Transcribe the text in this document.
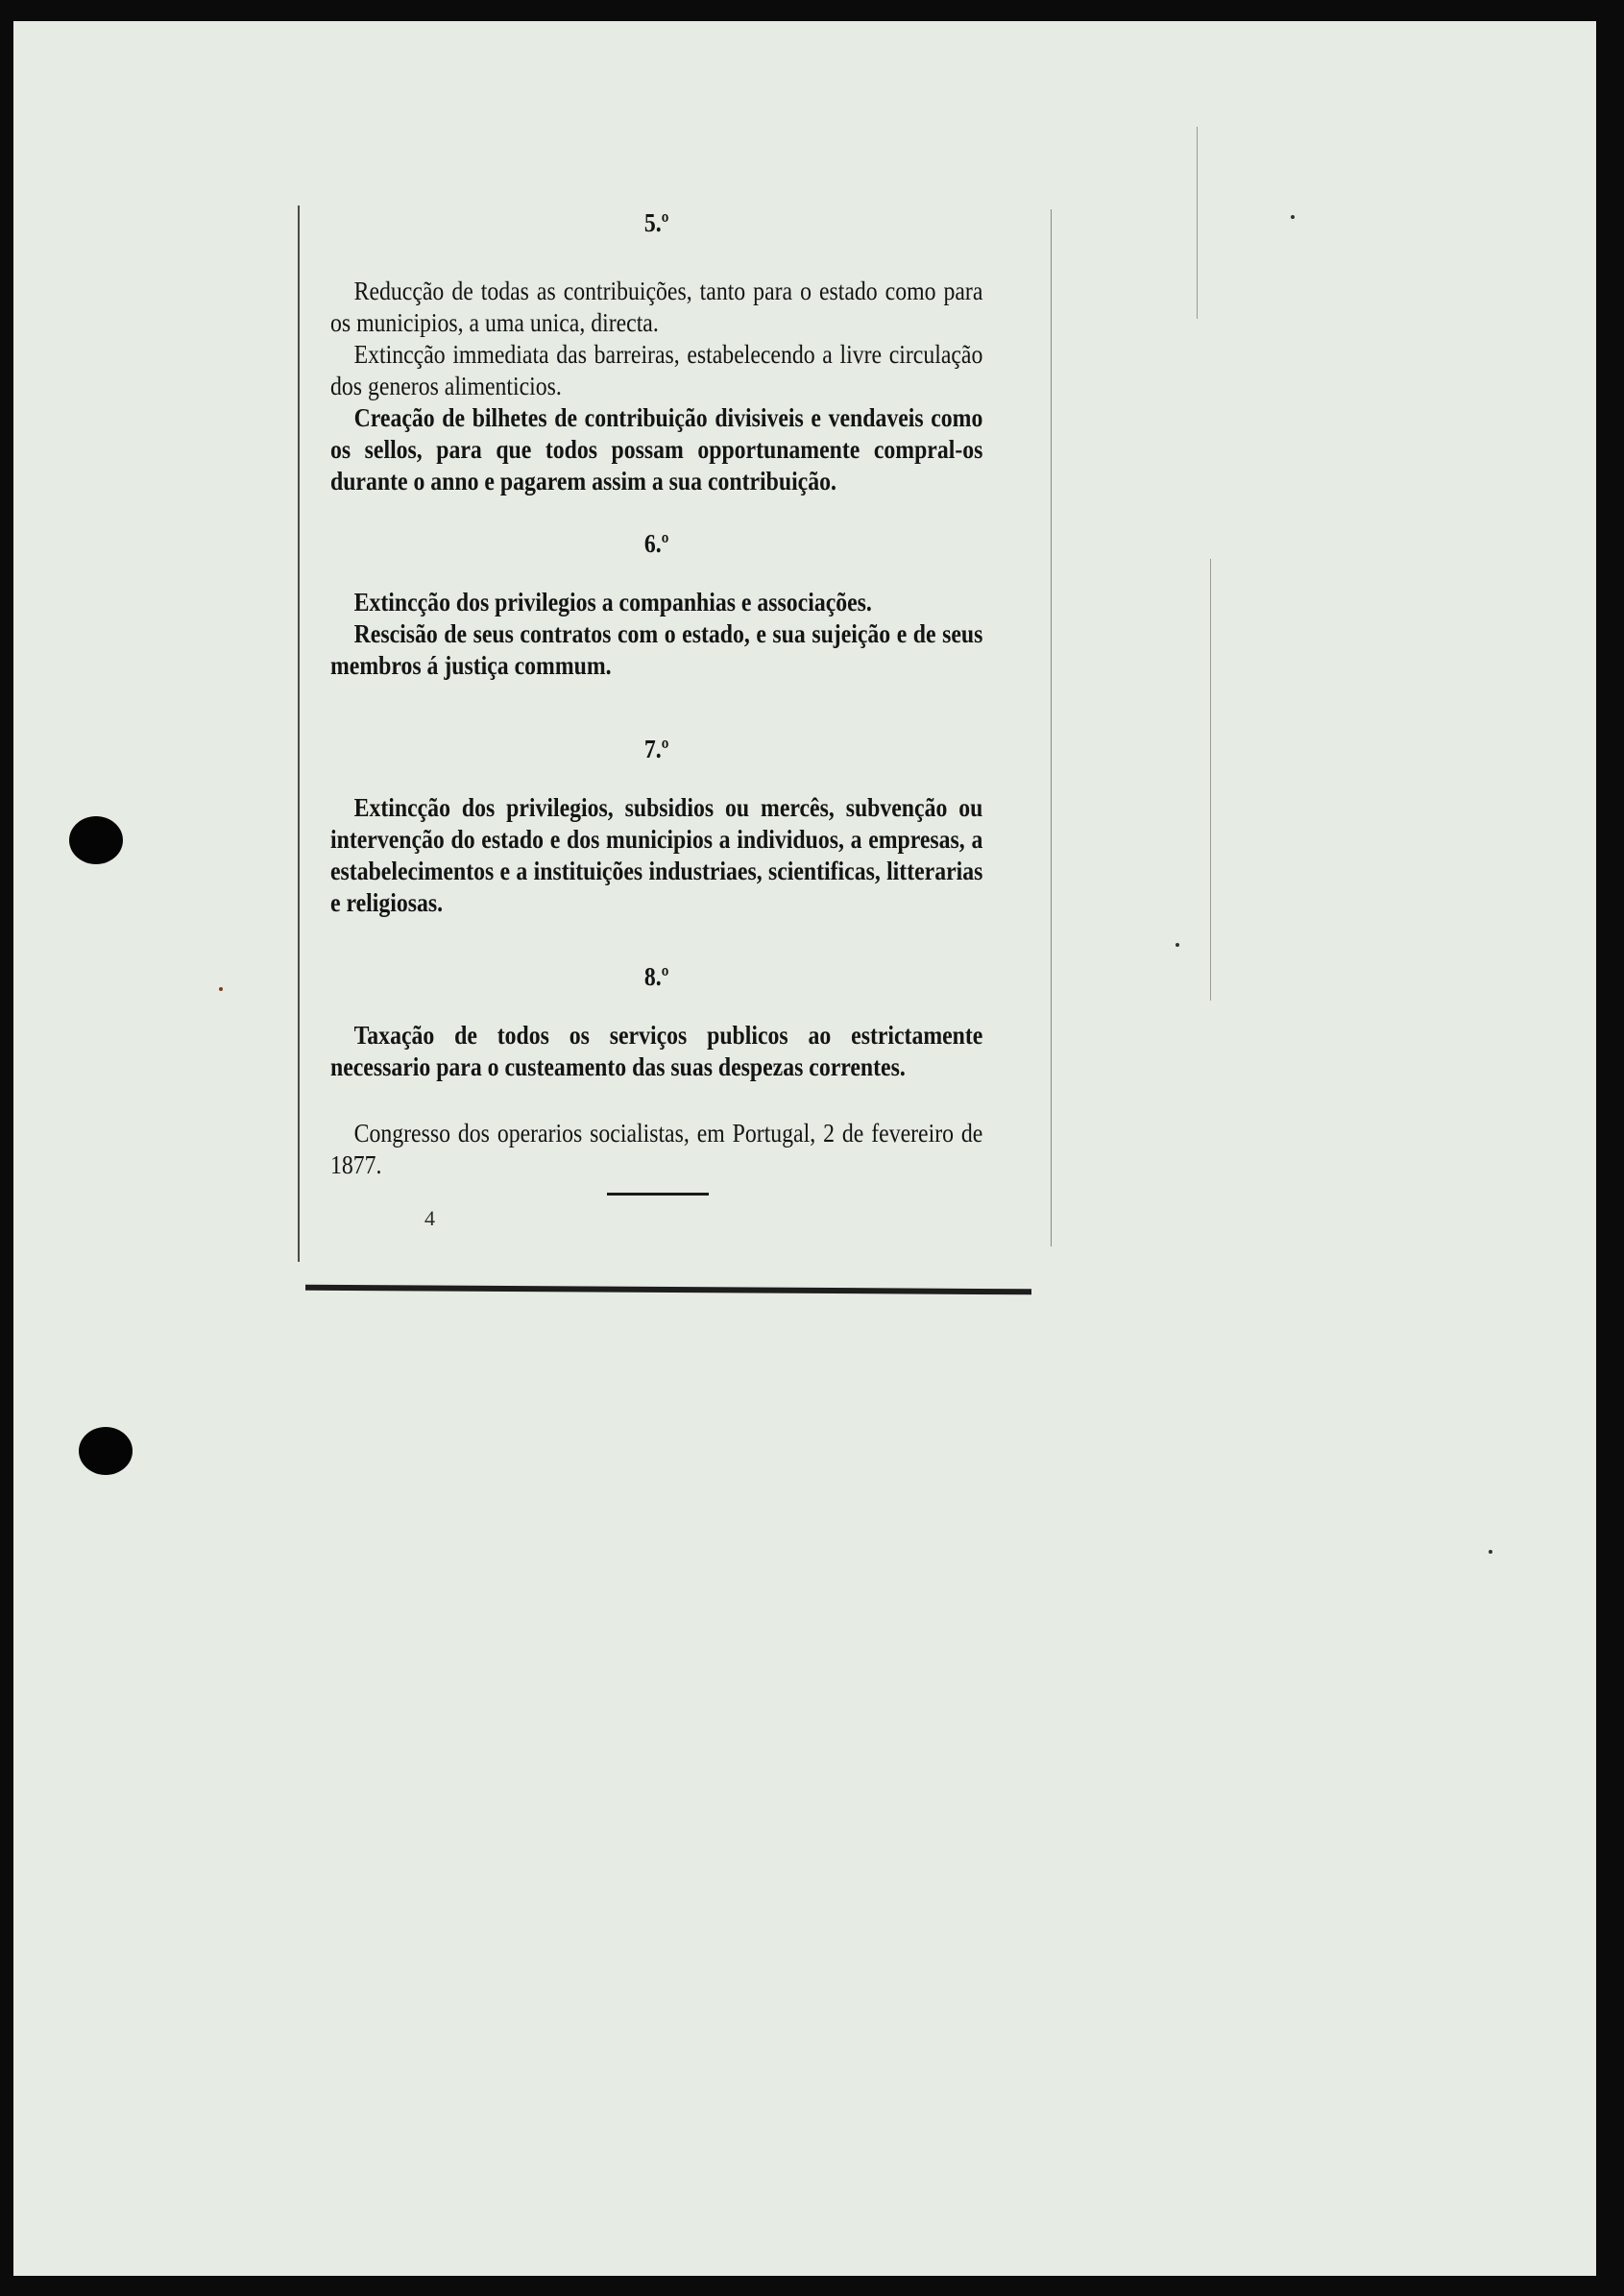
5.º

Reducção de todas as contribuições, tanto para o estado como para os municipios, a uma unica, directa.

Extincção immediata das barreiras, estabelecendo a livre circulação dos generos alimenticios.

Creação de bilhetes de contribuição divisiveis e vendaveis como os sellos, para que todos possam opportunamente compral-os durante o anno e pagarem assim a sua contribuição.

6.º

Extincção dos privilegios a companhias e associações.

Rescisão de seus contratos com o estado, e sua sujeição e de seus membros á justiça commum.

7.º

Extincção dos privilegios, subsidios ou mercês, subvenção ou intervenção do estado e dos municipios a individuos, a empresas, a estabelecimentos e a instituições industriaes, scientificas, litterarias e religiosas.

8.º

Taxação de todos os serviços publicos ao estrictamente necessario para o custeamento das suas despezas correntes.

Congresso dos operarios socialistas, em Portugal, 2 de fevereiro de 1877.

4
